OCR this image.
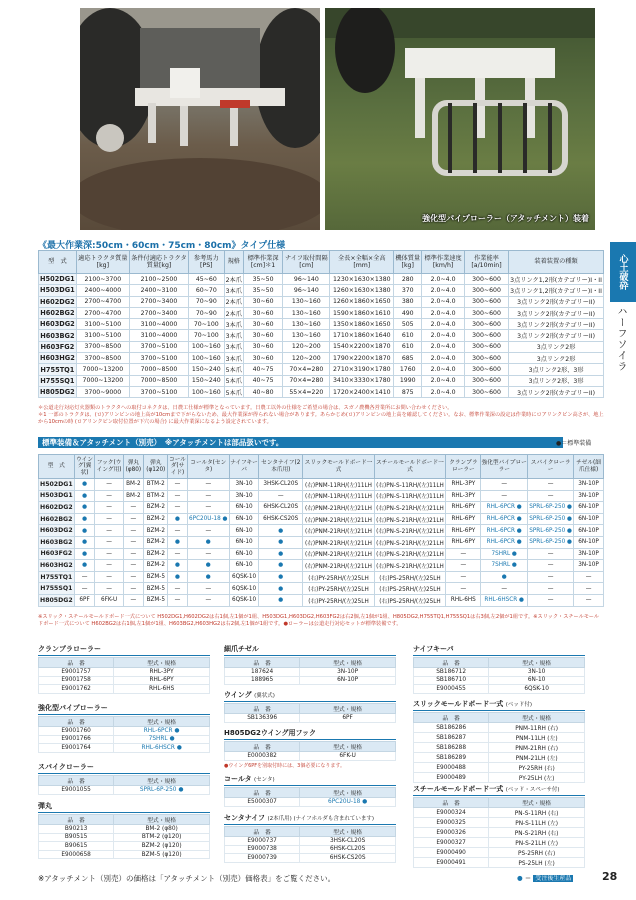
強化型パイプローラー（アタッチメント）装着
心土破砕
ハーフソイラ
《最大作業深:50cm・60cm・75cm・80cm》タイプ仕様
型　式	適応トラクタ質量[kg]	条件付適応トラクタ質量[kg]	参考馬力[PS]	規格	標準作業深[cm]＊1	ナイフ取付間隔[cm]	全長×全幅×全高[mm]	機体質量[kg]	標準作業速度[km/h]	作業能率[a/10min]	装着装置の種類
H502DG1	2100~3700	2100~2500	45~60	2本爪	35~50	96~140	1230×1630×1380	280	2.0~4.0	300~600	3点リンク1,2形(カテゴリー)I・II
H503DG1	2400~4000	2400~3100	60~70	3本爪	35~50	96~140	1260×1630×1380	370	2.0~4.0	300~600	3点リンク1,2形(カテゴリー)I・II
H602DG2	2700~4700	2700~3400	70~90	2本爪	30~60	130~160	1260×1860×1650	380	2.0~4.0	300~600	3点リンク2形(カテゴリーII)
H602BG2	2700~4700	2700~3400	70~90	2本爪	30~60	130~160	1590×1860×1610	490	2.0~4.0	300~600	3点リンク2形(カテゴリーII)
H603DG2	3100~5100	3100~4000	70~100	3本爪	30~60	130~160	1350×1860×1650	505	2.0~4.0	300~600	3点リンク2形(カテゴリーII)
H603BG2	3100~5100	3100~4000	70~100	3本爪	30~60	130~160	1710×1860×1640	610	2.0~4.0	300~600	3点リンク2形(カテゴリーII)
H603FG2	3700~8500	3700~5100	100~160	3本爪	30~60	120~200	1540×2200×1870	610	2.0~4.0	300~600	3点リンク2形
H603HG2	3700~8500	3700~5100	100~160	3本爪	30~60	120~200	1790×2200×1870	685	2.0~4.0	300~600	3点リンク2形
H755TQ1	7000~13200	7000~8500	150~240	5本爪	40~75	70×4=280	2710×3190×1780	1760	2.0~4.0	300~600	3点リンク2形、3形
H755SQ1	7000~13200	7000~8500	150~240	5本爪	40~75	70×4=280	3410×3330×1780	1990	2.0~4.0	300~600	3点リンク2形、3形
H805DG2	3700~9000	3700~5100	100~160	5本爪	40~80	55×4=220	1720×2400×1410	875	2.0~4.0	300~600	3点リンク2形(カテゴリーII)
＊公道走行対応灯火器類のトラクタへの取付コネクタは、日農工仕様が標準となっています。日農工以外の仕様をご希望の場合は、スガノ農機各営業所にお問い合わせください。
＊1 一部のトラクタは、(ロ)アリンピンの地上高が10cmまで下がらないため、最大作業深が得られない場合があります。あらかじめ(ロ)アリンピンの地上高を確認してください。なお、標準作業深の設定は作業時にロアリンクピン高さが、地上から10cmの時 (ロアリンクピン取付位置が下穴の場合) に最大作業深になるよう設定されています。
標準装備＆アタッチメント（別売）　※アタッチメントは部品扱いです。	●＝標準装備
型　式	ウイング(翼状)	フック(ウイング用)	弾丸(φ80)	弾丸(φ120)	コールダ(サイド)	コールタ(センタ)	ナイフキーパ	センタナイフ(2本爪用)	スリックモールドボード一式	スチールモールドボード一式	クランプラローラー	強化型パイプローラー	スパイクローラー	チゼル(細爪仕様)
H502DG1	●	—	BM-2	BTM-2	—	—	3N-10	3HSK-CL20S	(右)PNM-11RH/(左)11LH	(右)PN-S-11RH/(左)11LH	RHL-3PY	—	—	3N-10P
H503DG1	●	—	BM-2	BTM-2	—	—	3N-10	—	(右)PNM-11RH/(左)11LH	(右)PN-S-11RH/(左)11LH	RHL-3PY	—	—	3N-10P
H602DG2	●	—	—	BZM-2	—	—	6N-10	6HSK-CL20S	(右)PNM-21RH/(左)21LH	(右)PN-S-21RH/(左)21LH	RHL-6PY	RHL-6PCR ●	SPRL-6P-250 ●	6N-10P
H602BG2	●	—	—	BZM-2	●	6PC20U-18 ●	6N-10	6HSK-CS20S	(右)PNM-21RH/(左)21LH	(右)PN-S-21RH/(左)21LH	RHL-6PY	RHL-6PCR ●	SPRL-6P-250 ●	6N-10P
H603DG2	●	—	—	BZM-2	—	—	6N-10	●	(右)PNM-21RH/(左)21LH	(右)PN-S-21RH/(左)21LH	RHL-6PY	RHL-6PCR ●	SPRL-6P-250 ●	6N-10P
H603BG2	●	—	—	BZM-2	●	●	6N-10	●	(右)PNM-21RH/(左)21LH	(右)PN-S-21RH/(左)21LH	RHL-6PY	RHL-6PCR ●	SPRL-6P-250 ●	6N-10P
H603FG2	●	—	—	BZM-2	—	—	6N-10	●	(右)PNM-21RH/(左)21LH	(右)PN-S-21RH/(左)21LH	—	7SHRL ●	—	3N-10P
H603HG2	●	—	—	BZM-2	●	●	6N-10	●	(右)PNM-21RH/(左)21LH	(右)PN-S-21RH/(左)21LH	—	7SHRL ●	—	3N-10P
H755TQ1	—	—	—	BZM-5	●	●	6QSK-10	●	(右)PY-25RH/(左)25LH	(右)PS-25RH/(左)25LH	—	●	—	—
H755SQ1	—	—	—	BZM-5	—	—	6QSK-10	●	(右)PY-25RH/(左)25LH	(右)PS-25RH/(左)25LH	—	—	—	—
H805DG2	6PF	6FK-U	—	BZM-5	—	—	6QSK-10	●	(右)PY-25RH/(左)25LH	(右)PS-25RH/(左)25LH	RHL-6HS	RHL-6HSCR ●	—	—
※スリック・スチールモールドボード一式について H502DG1,H602DG2は右1個,左1個が1組、H503DG1,H603DG2,H603FG2は右2個,左1個が1組、H805DG2,H755TQ1,H755SQ1は右3個,左2個が1組です。※スリック・スチールモールドボード一式について H602BG2は右1個,左1個が1組、H603BG2,H603HG2は右2個,左1個が1組です。●ローラーは公道走行対応セットが標準装備です。
クランプラローラー
品　番	型式・規格
E9001757	RHL-3PY
E9001758	RHL-6PY
E9001762	RHL-6HS
強化型パイプローラー
品　番	型式・規格
E9001760	RHL-6PCR ●
E9001766	7SHRL ●
E9001764	RHL-6HSCR ●
スパイクローラー
品　番	型式・規格
E9001055	SPRL-6P-250 ●
弾丸
品　番	型式・規格
B90213	BM-2 (φ80)
B90515	BTM-2 (φ120)
B90615	BZM-2 (φ120)
E9000658	BZM-5 (φ120)
細爪チゼル
品　番	型式・規格
187624	3N-10P
188965	6N-10P
ウイング (翼状式)
品　番	型式・規格
SB136396	6PF
H805DG2ウイング用フック
品　番	型式・規格
E0000382	6FK-U
●ウイング6PFを別取付時には、3個必要になります。
コールタ (センタ)
品　番	型式・規格
E5000307	6PC20U-18 ●
センタナイフ (2本爪用) (ナイフホルダも含まれています)
品　番	型式・規格
E9000737	3HSK-CL20S
E9000738	6HSK-CL20S
E9000739	6HSK-CS20S
ナイフキーパ
品　番	型式・規格
SB186712	3N-10
SB186710	6N-10
E9000455	6QSK-10
スリックモールドボード一式 (ベッド付)
品　番	型式・規格
SB186286	PNM-11RH (右)
SB186287	PNM-11LH (左)
SB186288	PNM-21RH (右)
SB186289	PNM-21LH (左)
E9000488	PY-25RH (右)
E9000489	PY-25LH (左)
スチールモールドボード一式 (ベッド・スペーサ付)
品　番	型式・規格
E9000324	PN-S-11RH (右)
E9000325	PN-S-11LH (左)
E9000326	PN-S-21RH (右)
E9000327	PN-S-21LH (左)
E9000490	PS-25RH (右)
E9000491	PS-25LH (左)
※アタッチメント（別売）の価格は「アタッチメント（別売）価格表」をご覧ください。	● ＝ 受注後生産品	28
